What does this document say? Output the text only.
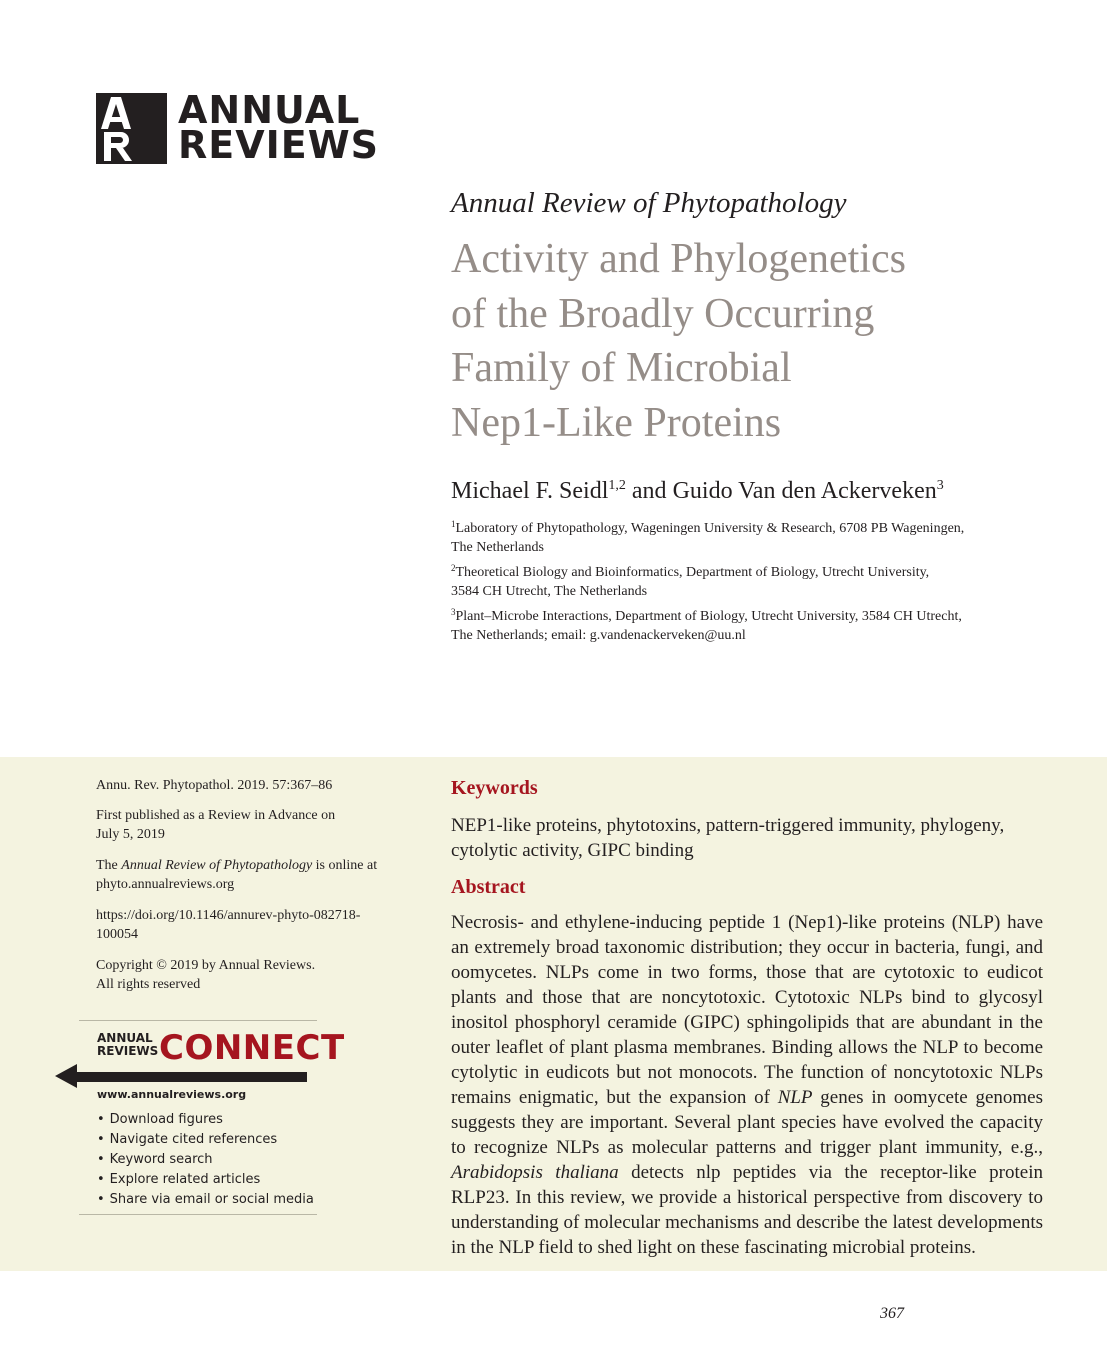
ANNUAL
REVIEWS
Annual Review of Phytopathology
Activity and Phylogenetics
of the Broadly Occurring
Family of Microbial
Nep1-Like Proteins
Michael F. Seidl$^{1,2}$ and Guido Van den Ackerveken$^3$
$^1$Laboratory of Phytopathology, Wageningen University & Research, 6708 PB Wageningen,
The Netherlands
$^2$Theoretical Biology and Bioinformatics, Department of Biology, Utrecht University,
3584 CH Utrecht, The Netherlands
$^3$Plant–Microbe Interactions, Department of Biology, Utrecht University, 3584 CH Utrecht,
The Netherlands; email: g.vandenackerveken@uu.nl
Annu. Rev. Phytopathol. 2019. 57:367–86
First published as a Review in Advance on
July 5, 2019
The Annual Review of Phytopathology is online at
phyto.annualreviews.org
https://doi.org/10.1146/annurev-phyto-082718-
100054
Copyright © 2019 by Annual Reviews.
All rights reserved
ANNUAL
REVIEWS CONNECT
www.annualreviews.org
• Download figures
• Navigate cited references
• Keyword search
• Explore related articles
• Share via email or social media
Keywords
NEP1-like proteins, phytotoxins, pattern-triggered immunity, phylogeny,
cytolytic activity, GIPC binding
Abstract
Necrosis- and ethylene-inducing peptide 1 (Nep1)-like proteins (NLP) have an extremely broad taxonomic distribution; they occur in bacteria, fungi, and oomycetes. NLPs come in two forms, those that are cytotoxic to eudicot plants and those that are noncytotoxic. Cytotoxic NLPs bind to glycosyl inositol phosphoryl ceramide (GIPC) sphingolipids that are abundant in the outer leaflet of plant plasma membranes. Binding allows the NLP to become cytolytic in eudicots but not monocots. The function of noncytotoxic NLPs remains enigmatic, but the expansion of NLP genes in oomycete genomes suggests they are important. Several plant species have evolved the capacity to recognize NLPs as molecular patterns and trigger plant immunity, e.g., Arabidopsis thaliana detects nlp peptides via the receptor-like protein RLP23. In this review, we provide a historical perspective from discovery to understanding of molecular mechanisms and describe the latest developments in the NLP field to shed light on these fascinating microbial proteins.
367
